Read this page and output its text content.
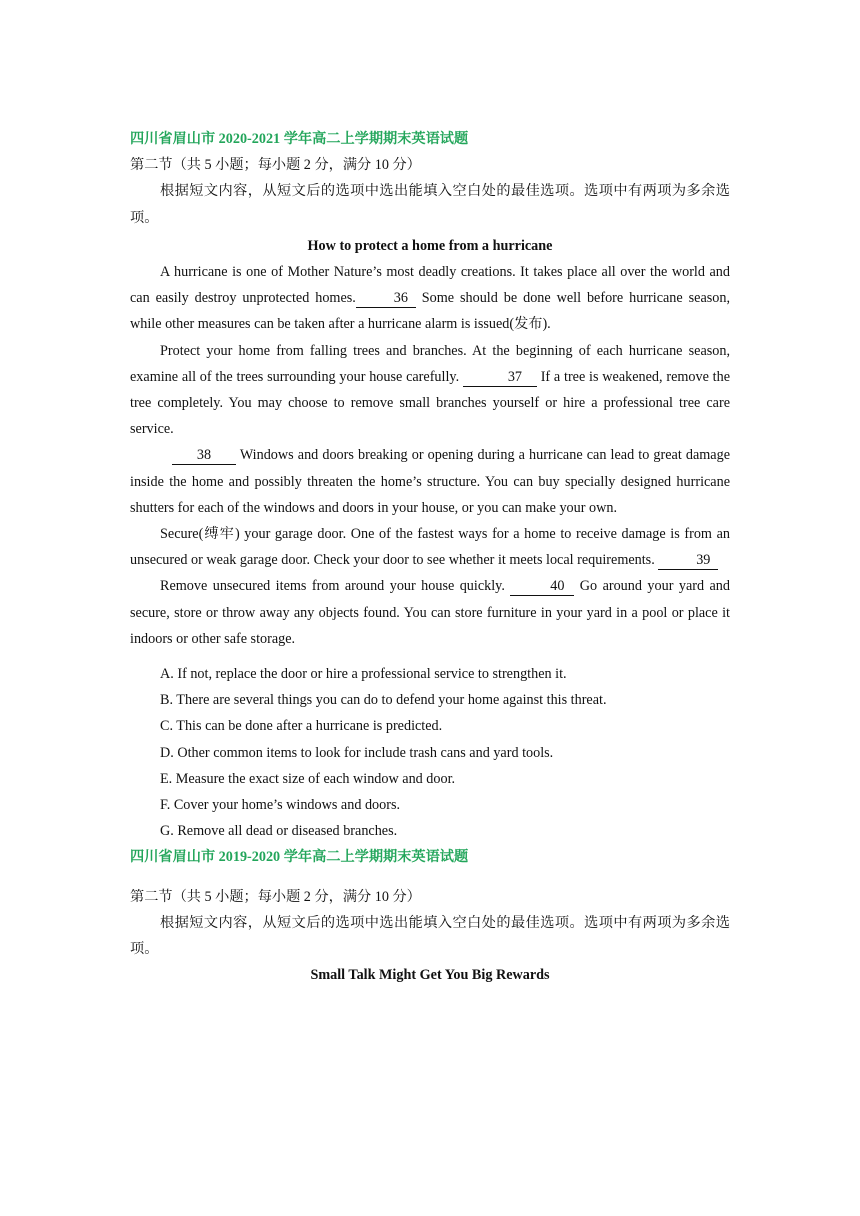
四川省眉山市 2020-2021 学年高二上学期期末英语试题

第二节（共 5 小题；每小题 2 分，满分 10 分）

根据短文内容，从短文后的选项中选出能填入空白处的最佳选项。选项中有两项为多余选项。

How to protect a home from a hurricane

A hurricane is one of Mother Nature’s most deadly creations. It takes place all over the world and can easily destroy unprotected homes.	36 Some should be done well before hurricane season, while other measures can be taken after a hurricane alarm is issued(发布).

Protect your home from falling trees and branches. At the beginning of each hurricane season, examine all of the trees surrounding your house carefully.	37 If a tree is weakened, remove the tree completely. You may choose to remove small branches yourself or hire a professional tree care service.

38 Windows and doors breaking or opening during a hurricane can lead to great damage inside the home and possibly threaten the home’s structure. You can buy specially designed hurricane shutters for each of the windows and doors in your house, or you can make your own.

Secure(缚牢) your garage door. One of the fastest ways for a home to receive damage is from an unsecured or weak garage door. Check your door to see whether it meets local requirements.	39

Remove unsecured items from around your house quickly.	40 Go around your yard and secure, store or throw away any objects found. You can store furniture in your yard in a pool or place it indoors or other safe storage.

A. If not, replace the door or hire a professional service to strengthen it.

B. There are several things you can do to defend your home against this threat.

C. This can be done after a hurricane is predicted.

D. Other common items to look for include trash cans and yard tools.

E. Measure the exact size of each window and door.

F. Cover your home’s windows and doors.

G. Remove all dead or diseased branches.

四川省眉山市 2019-2020 学年高二上学期期末英语试题

第二节（共 5 小题；每小题 2 分，满分 10 分）

根据短文内容，从短文后的选项中选出能填入空白处的最佳选项。选项中有两项为多余选项。

Small Talk Might Get You Big Rewards
